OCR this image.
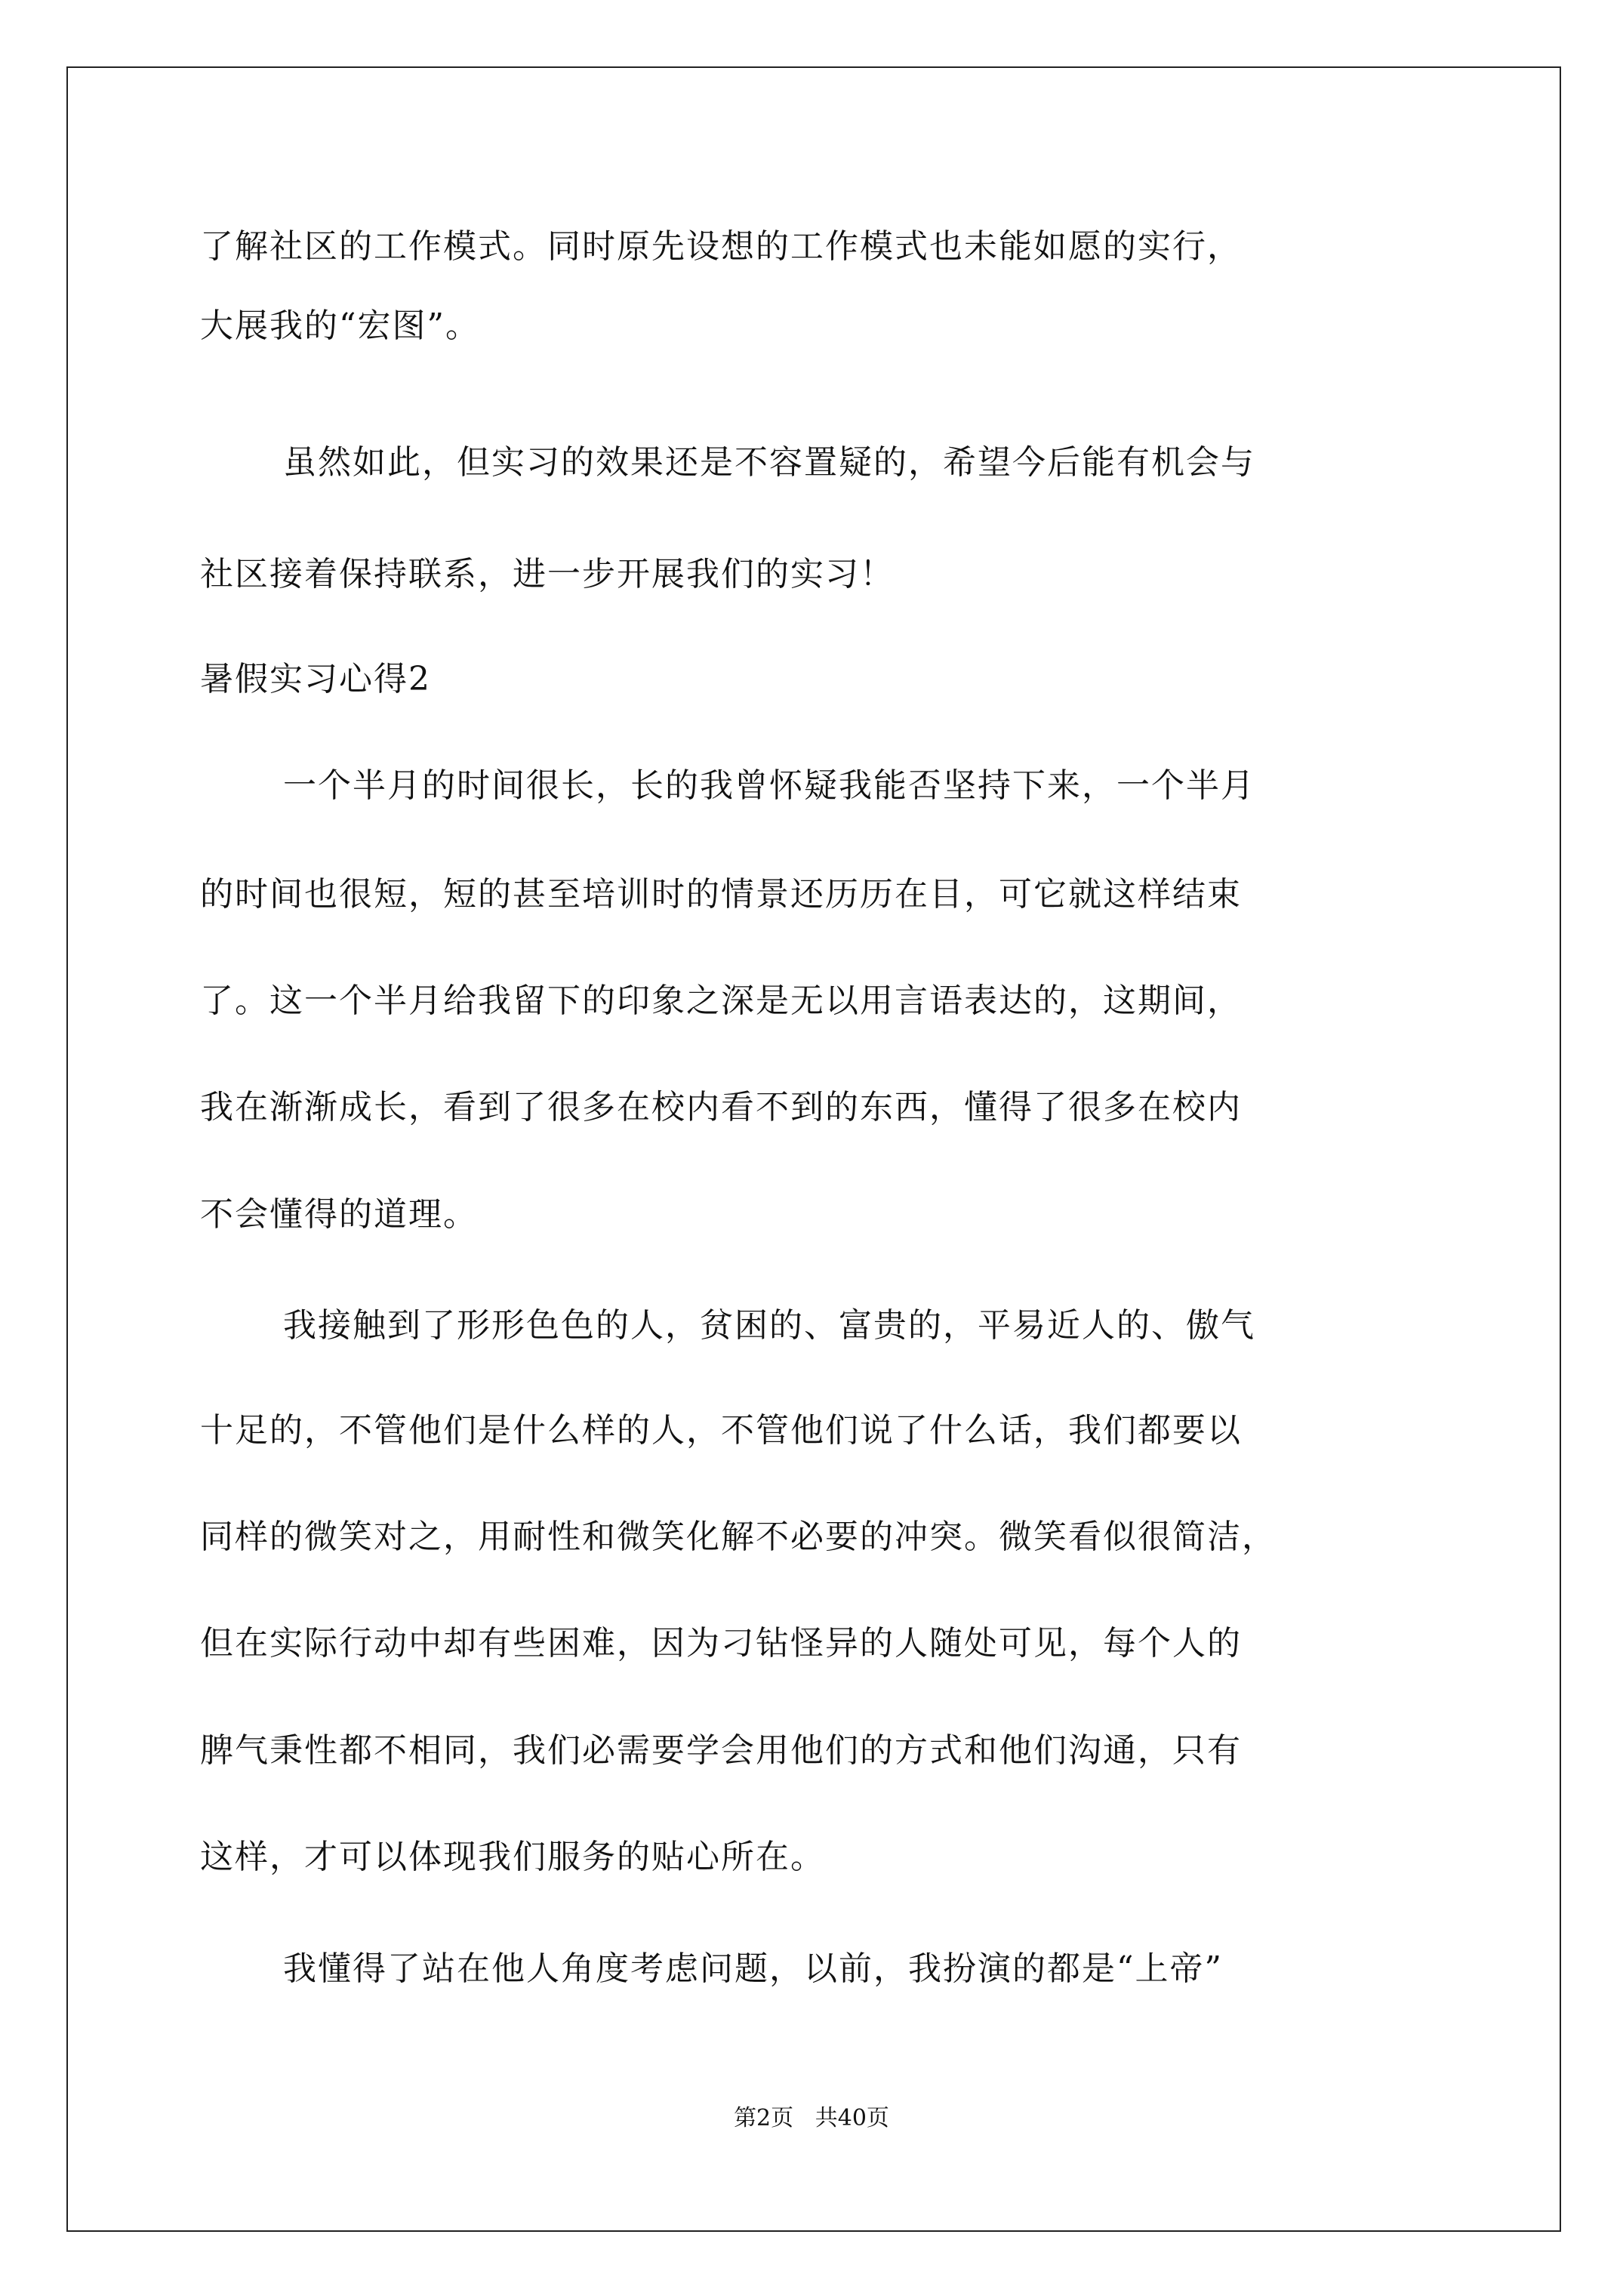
了解社区的工作模式。同时原先设想的工作模式也未能如愿的实行，
大展我的“宏图”。
虽然如此，但实习的效果还是不容置疑的，希望今后能有机会与
社区接着保持联系，进一步开展我们的实习！
暑假实习心得2
一个半月的时间很长，长的我曾怀疑我能否坚持下来，一个半月
的时间也很短，短的甚至培训时的情景还历历在目，可它就这样结束
了。这一个半月给我留下的印象之深是无以用言语表达的，这期间，
我在渐渐成长，看到了很多在校内看不到的东西，懂得了很多在校内
不会懂得的道理。
我接触到了形形色色的人，贫困的、富贵的，平易近人的、傲气
十足的，不管他们是什么样的人，不管他们说了什么话，我们都要以
同样的微笑对之，用耐性和微笑化解不必要的冲突。微笑看似很简洁，
但在实际行动中却有些困难，因为刁钻怪异的人随处可见，每个人的
脾气秉性都不相同，我们必需要学会用他们的方式和他们沟通，只有
这样，才可以体现我们服务的贴心所在。
我懂得了站在他人角度考虑问题，以前，我扮演的都是“上帝”
第2页   共40页
